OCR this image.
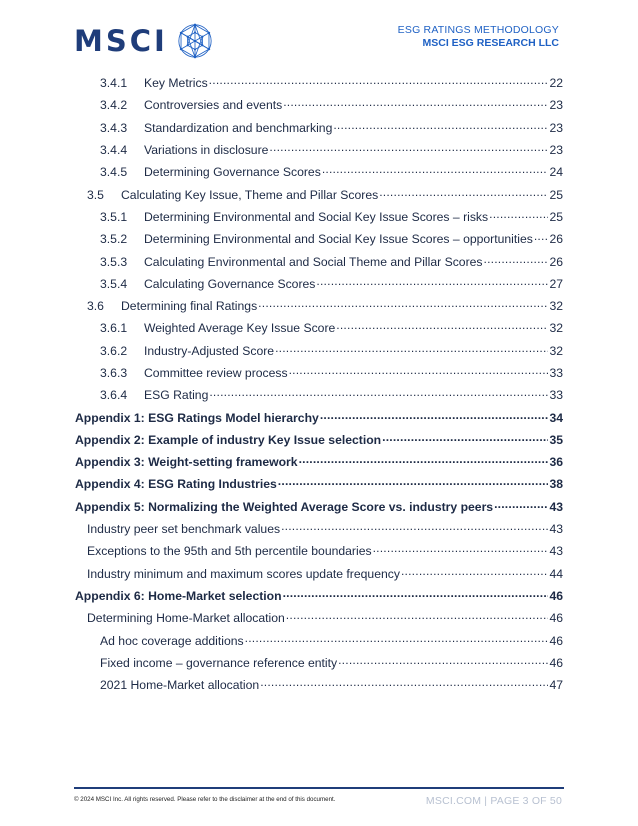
MSCI	ESG RATINGS METHODOLOGY
MSCI ESG RESEARCH LLC
3.4.1	Key Metrics . . .	22
3.4.2	Controversies and events . . .	23
3.4.3	Standardization and benchmarking . . .	23
3.4.4	Variations in disclosure . . .	23
3.4.5	Determining Governance Scores . . .	24
3.5	Calculating Key Issue, Theme and Pillar Scores . . .	25
3.5.1	Determining Environmental and Social Key Issue Scores – risks . . .	25
3.5.2	Determining Environmental and Social Key Issue Scores – opportunities . . . 26
3.5.3	Calculating Environmental and Social Theme and Pillar Scores . . .	26
3.5.4	Calculating Governance Scores . . .	27
3.6	Determining final Ratings . . .	32
3.6.1	Weighted Average Key Issue Score . . .	32
3.6.2	Industry-Adjusted Score . . .	32
3.6.3	Committee review process . . .	33
3.6.4	ESG Rating . . .	33
Appendix 1: ESG Ratings Model hierarchy . . .	34
Appendix 2: Example of industry Key Issue selection . . .	35
Appendix 3: Weight-setting framework . . .	36
Appendix 4: ESG Rating Industries . . .	38
Appendix 5: Normalizing the Weighted Average Score vs. industry peers . . .	43
Industry peer set benchmark values . . .	43
Exceptions to the 95th and 5th percentile boundaries . . .	43
Industry minimum and maximum scores update frequency . . .	44
Appendix 6: Home-Market selection . . .	46
Determining Home-Market allocation . . .	46
Ad hoc coverage additions . . .	46
Fixed income – governance reference entity . . .	46
2021 Home-Market allocation . . .	47
© 2024 MSCI Inc. All rights reserved. Please refer to the disclaimer at the end of this document.	MSCI.COM | PAGE 3 OF 50
